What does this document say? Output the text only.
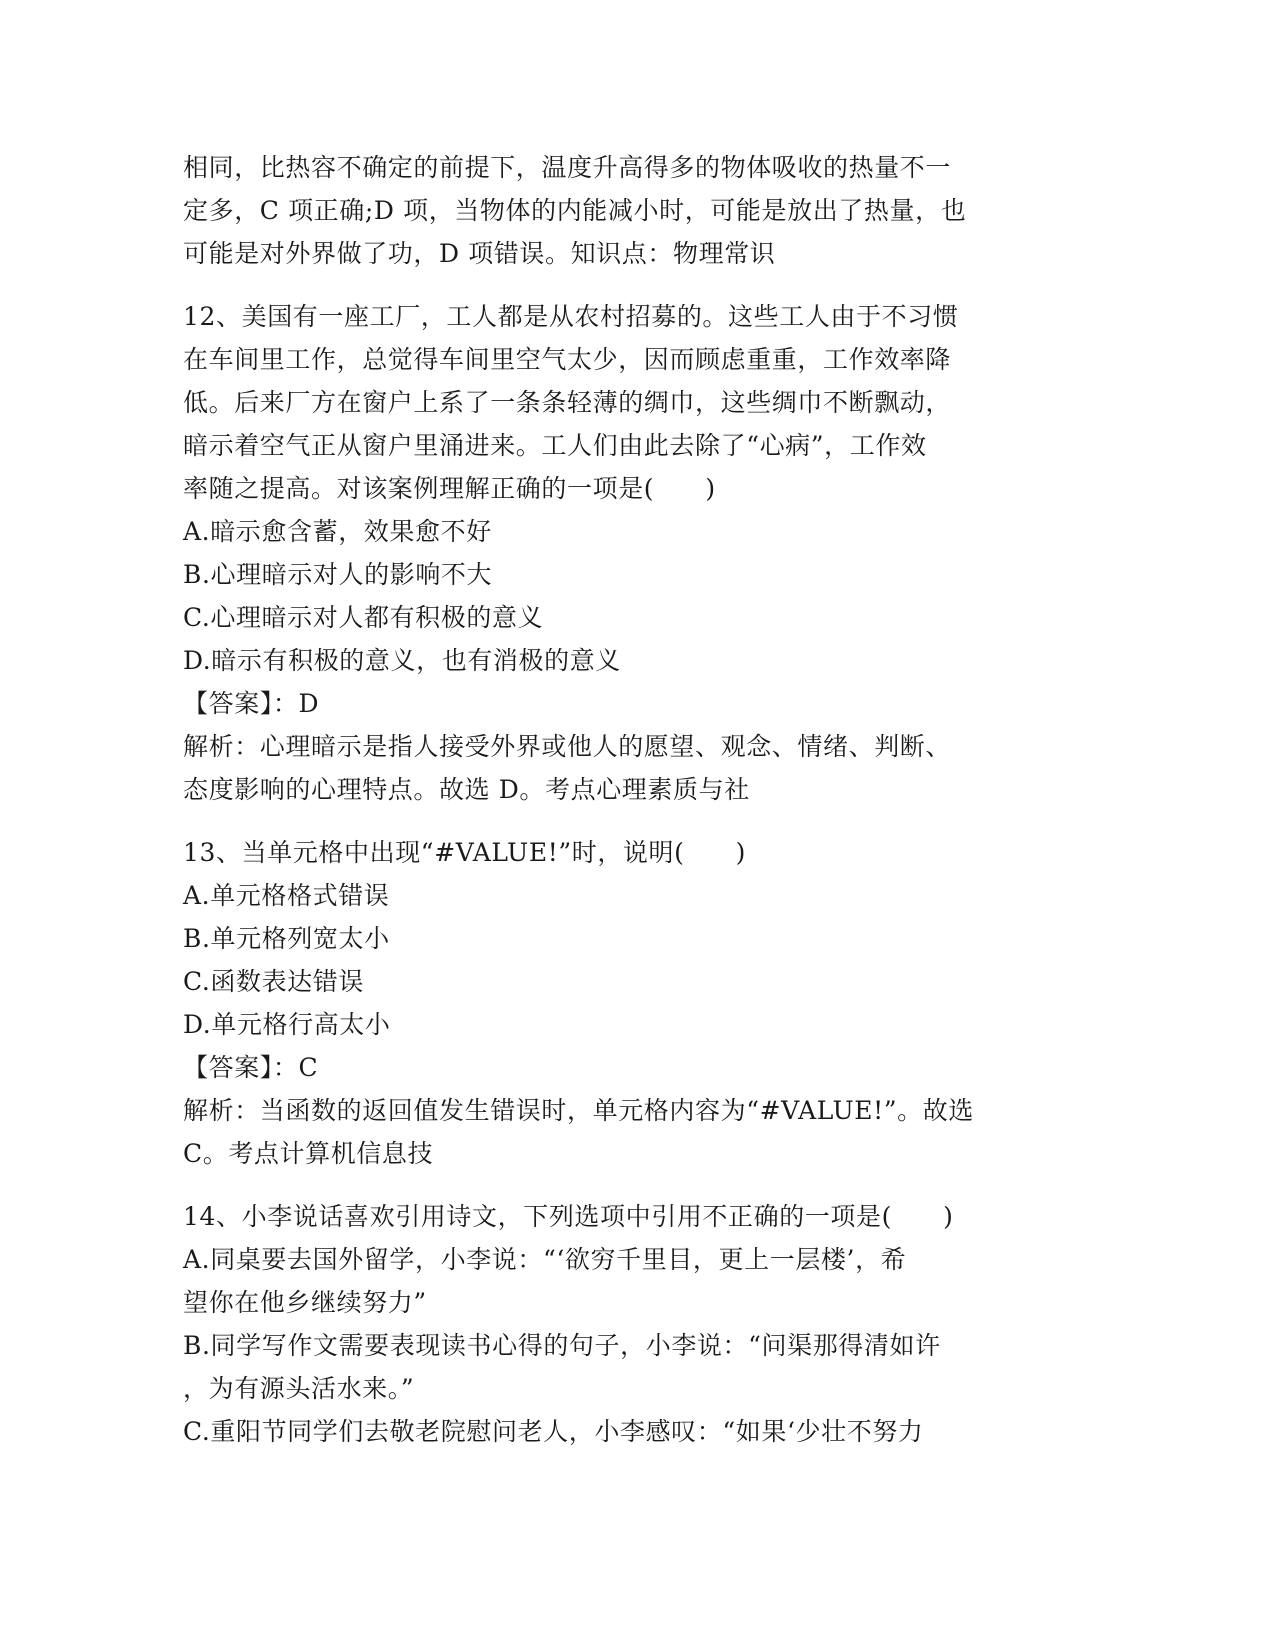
相同，比热容不确定的前提下，温度升高得多的物体吸收的热量不一
定多，C 项正确;D 项，当物体的内能减小时，可能是放出了热量，也
可能是对外界做了功，D 项错误。知识点：物理常识
12、美国有一座工厂，工人都是从农村招募的。这些工人由于不习惯
在车间里工作，总觉得车间里空气太少，因而顾虑重重，工作效率降
低。后来厂方在窗户上系了一条条轻薄的绸巾，这些绸巾不断飘动，
暗示着空气正从窗户里涌进来。工人们由此去除了“心病”，工作效
率随之提高。对该案例理解正确的一项是(　　)
A.暗示愈含蓄，效果愈不好
B.心理暗示对人的影响不大
C.心理暗示对人都有积极的意义
D.暗示有积极的意义，也有消极的意义
【答案】：D
解析：心理暗示是指人接受外界或他人的愿望、观念、情绪、判断、
态度影响的心理特点。故选 D。考点心理素质与社
13、当单元格中出现“#VALUE!”时，说明(　　)
A.单元格格式错误
B.单元格列宽太小
C.函数表达错误
D.单元格行高太小
【答案】：C
解析：当函数的返回值发生错误时，单元格内容为“#VALUE!”。故选
C。考点计算机信息技
14、小李说话喜欢引用诗文，下列选项中引用不正确的一项是(　　)
A.同桌要去国外留学，小李说：“‘欲穷千里目，更上一层楼’，希
望你在他乡继续努力”
B.同学写作文需要表现读书心得的句子，小李说：“问渠那得清如许
，为有源头活水来。”
C.重阳节同学们去敬老院慰问老人，小李感叹：“如果‘少壮不努力
